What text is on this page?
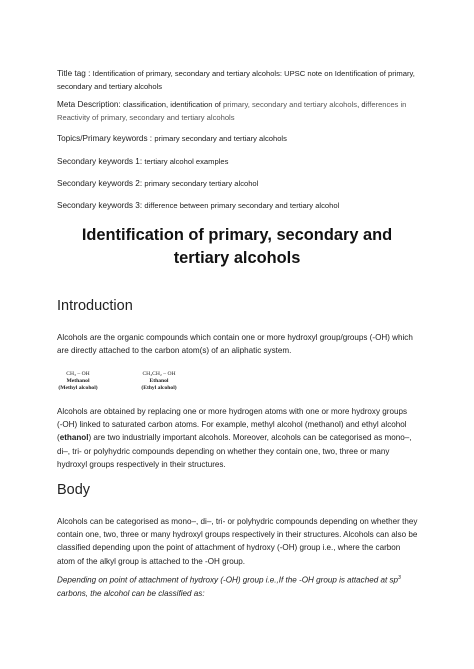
Title tag : Identification of primary, secondary and tertiary alcohols: UPSC note on Identification of primary,
secondary and tertiary alcohols
Meta Description: classification, identification of primary, secondary and tertiary alcohols, differences in
Reactivity of primary, secondary and tertiary alcohols
Topics/Primary keywords : primary secondary and tertiary alcohols
Secondary keywords 1: tertiary alcohol examples
Secondary keywords 2: primary secondary tertiary alcohol
Secondary keywords 3: difference between primary secondary and tertiary alcohol
Identification of primary, secondary and
tertiary alcohols
Introduction
Alcohols are the organic compounds which contain one or more hydroxyl group/groups (-OH) which
are directly attached to the carbon atom(s) of an aliphatic system.
CH₃ – OH
Methanol
(Methyl alcohol)
CH₃CH₂ – OH
Ethanol
(Ethyl alcohol)
Alcohols are obtained by replacing one or more hydrogen atoms with one or more hydroxy groups
(-OH) linked to saturated carbon atoms. For example, methyl alcohol (methanol) and ethyl alcohol
(ethanol) are two industrially important alcohols. Moreover, alcohols can be categorised as mono–,
di–, tri- or polyhydric compounds depending on whether they contain one, two, three or many
hydroxyl groups respectively in their structures.
Body
Alcohols can be categorised as mono–, di–, tri- or polyhydric compounds depending on whether they
contain one, two, three or many hydroxyl groups respectively in their structures. Alcohols can also be
classified depending upon the point of attachment of hydroxy (-OH) group i.e., where the carbon
atom of the alkyl group is attached to the -OH group.
Depending on point of attachment of hydroxy (-OH) group i.e.,If the -OH group is attached at $sp^3$
carbons, the alcohol can be classified as:
